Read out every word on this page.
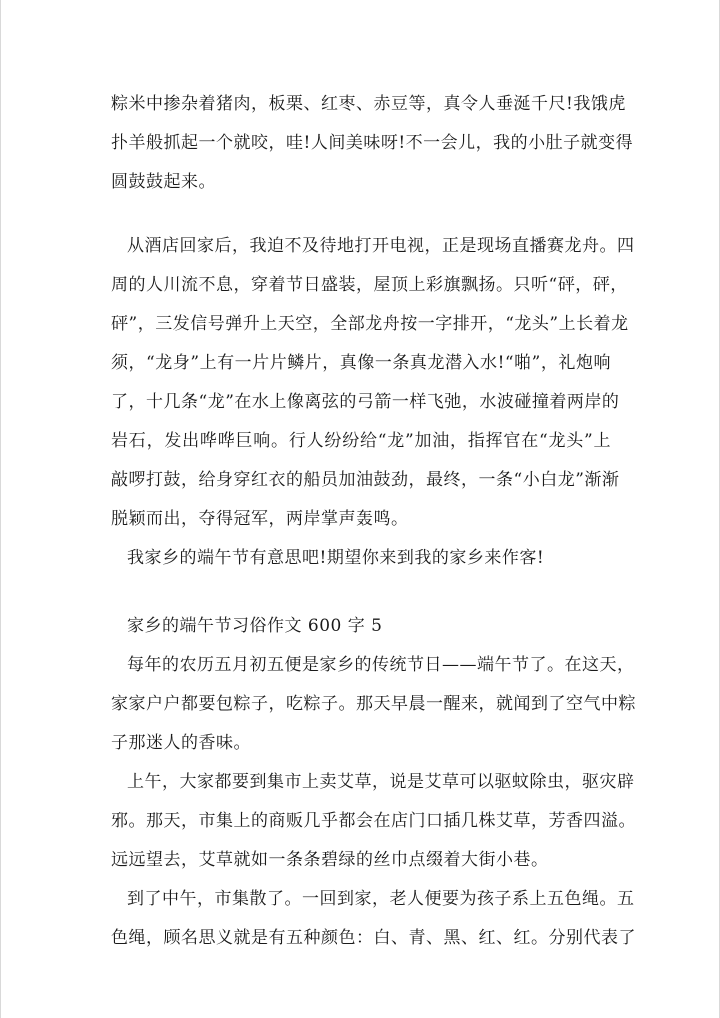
粽米中掺杂着猪肉，板栗、红枣、赤豆等，真令人垂涎千尺!我饿虎
扑羊般抓起一个就咬，哇!人间美味呀!不一会儿，我的小肚子就变得
圆鼓鼓起来。
从酒店回家后，我迫不及待地打开电视，正是现场直播赛龙舟。四
周的人川流不息，穿着节日盛装，屋顶上彩旗飘扬。只听“砰，砰，
砰”，三发信号弹升上天空，全部龙舟按一字排开，“龙头”上长着龙
须，“龙身”上有一片片鳞片，真像一条真龙潜入水!“啪”，礼炮响
了，十几条“龙”在水上像离弦的弓箭一样飞弛，水波碰撞着两岸的
岩石，发出哗哗巨响。行人纷纷给“龙”加油，指挥官在“龙头”上
敲啰打鼓，给身穿红衣的船员加油鼓劲，最终，一条“小白龙”渐渐
脱颖而出，夺得冠军，两岸掌声轰鸣。
我家乡的端午节有意思吧!期望你来到我的家乡来作客!
家乡的端午节习俗作文 600 字 5
每年的农历五月初五便是家乡的传统节日——端午节了。在这天，
家家户户都要包粽子，吃粽子。那天早晨一醒来，就闻到了空气中粽
子那迷人的香味。
上午，大家都要到集市上卖艾草，说是艾草可以驱蚊除虫，驱灾辟
邪。那天，市集上的商贩几乎都会在店门口插几株艾草，芳香四溢。
远远望去，艾草就如一条条碧绿的丝巾点缀着大街小巷。
到了中午，市集散了。一回到家，老人便要为孩子系上五色绳。五
色绳，顾名思义就是有五种颜色：白、青、黑、红、红。分别代表了
